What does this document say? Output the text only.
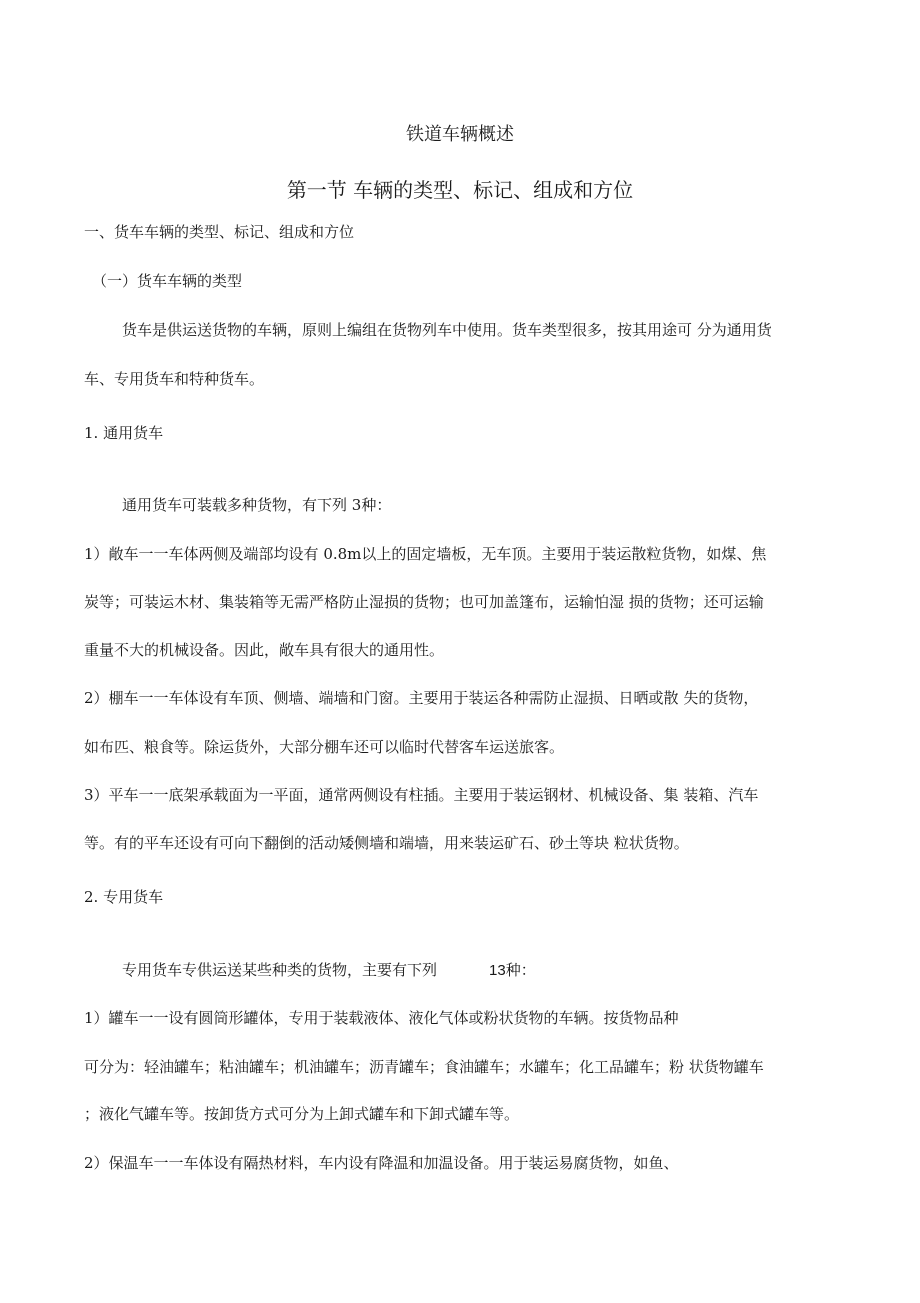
铁道车辆概述
第一节 车辆的类型、标记、组成和方位
一、货车车辆的类型、标记、组成和方位
（一）货车车辆的类型
货车是供运送货物的车辆，原则上编组在货物列车中使用。货车类型很多，按其用途可 分为通用货
车、专用货车和特种货车。
1. 通用货车
通用货车可装载多种货物，有下列 3种：
1）敞车一一车体两侧及端部均设有 0.8m以上的固定墙板，无车顶。主要用于装运散粒货物，如煤、焦
炭等；可装运木材、集装箱等无需严格防止湿损的货物；也可加盖篷布，运输怕湿 损的货物；还可运输
重量不大的机械设备。因此，敞车具有很大的通用性。
2）棚车一一车体设有车顶、侧墙、端墙和门窗。主要用于装运各种需防止湿损、日晒或散 失的货物，
如布匹、粮食等。除运货外，大部分棚车还可以临时代替客车运送旅客。
3）平车一一底架承载面为一平面，通常两侧设有柱插。主要用于装运钢材、机械设备、集 装箱、汽车
等。有的平车还设有可向下翻倒的活动矮侧墙和端墙，用来装运矿石、砂土等块 粒状货物。
2. 专用货车
专用货车专供运送某些种类的货物，主要有下列	13种：
1）罐车一一设有圆筒形罐体，专用于装载液体、液化气体或粉状货物的车辆。按货物品种
可分为：轻油罐车；粘油罐车；机油罐车；沥青罐车；食油罐车；水罐车；化工品罐车；粉 状货物罐车
；液化气罐车等。按卸货方式可分为上卸式罐车和下卸式罐车等。
2）保温车一一车体设有隔热材料，车内设有降温和加温设备。用于装运易腐货物，如鱼、
